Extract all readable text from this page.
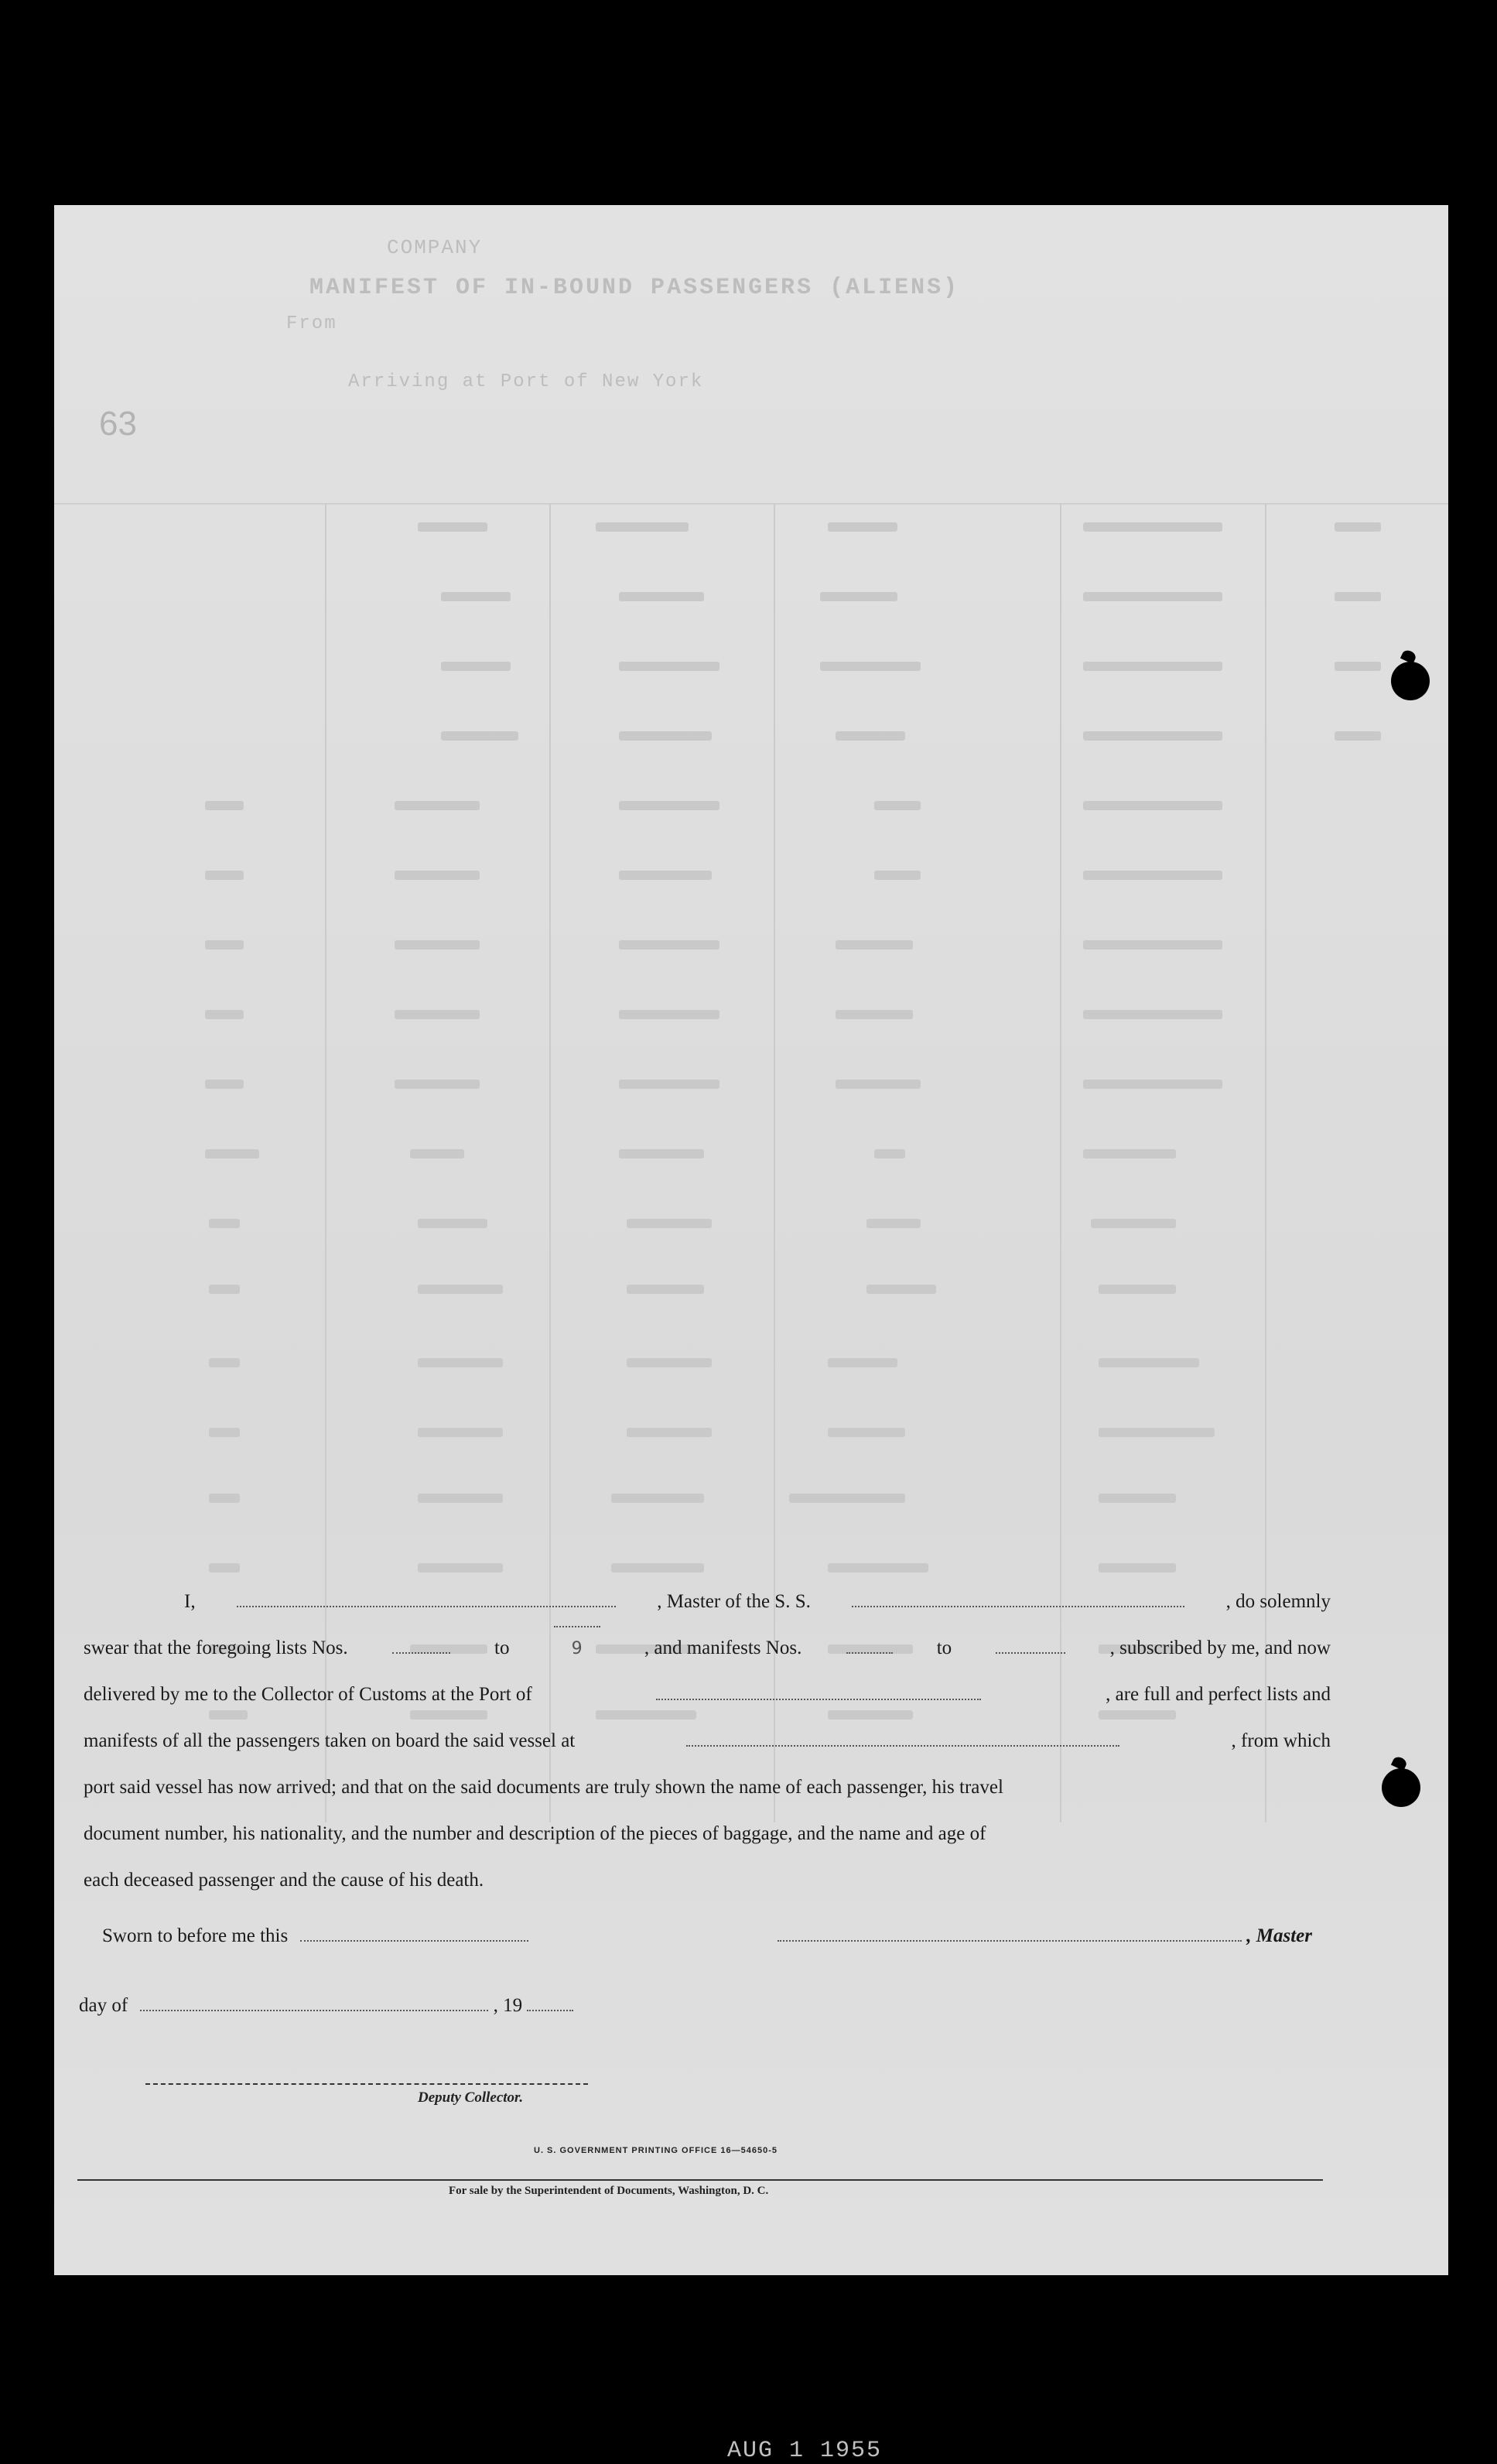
COMPANY
MANIFEST OF IN-BOUND PASSENGERS (ALIENS)
From
Arriving at Port of New York
63
AUG 1 1955
I,	, Master of the S. S.	, do solemnly
swear that the foregoing lists Nos.	to	9	, and manifests Nos.	to	, subscribed by me, and now
delivered by me to the Collector of Customs at the Port of	, are full and perfect lists and
manifests of all the passengers taken on board the said vessel at	, from which
port said vessel has now arrived; and that on the said documents are truly shown the name of each passenger, his travel
document number, his nationality, and the number and description of the pieces of baggage, and the name and age of
each deceased passenger and the cause of his death.
Sworn to before me this	, Master
day of	, 19
Deputy Collector.
U. S. GOVERNMENT PRINTING OFFICE 16—54650-5
For sale by the Superintendent of Documents, Washington, D. C.
